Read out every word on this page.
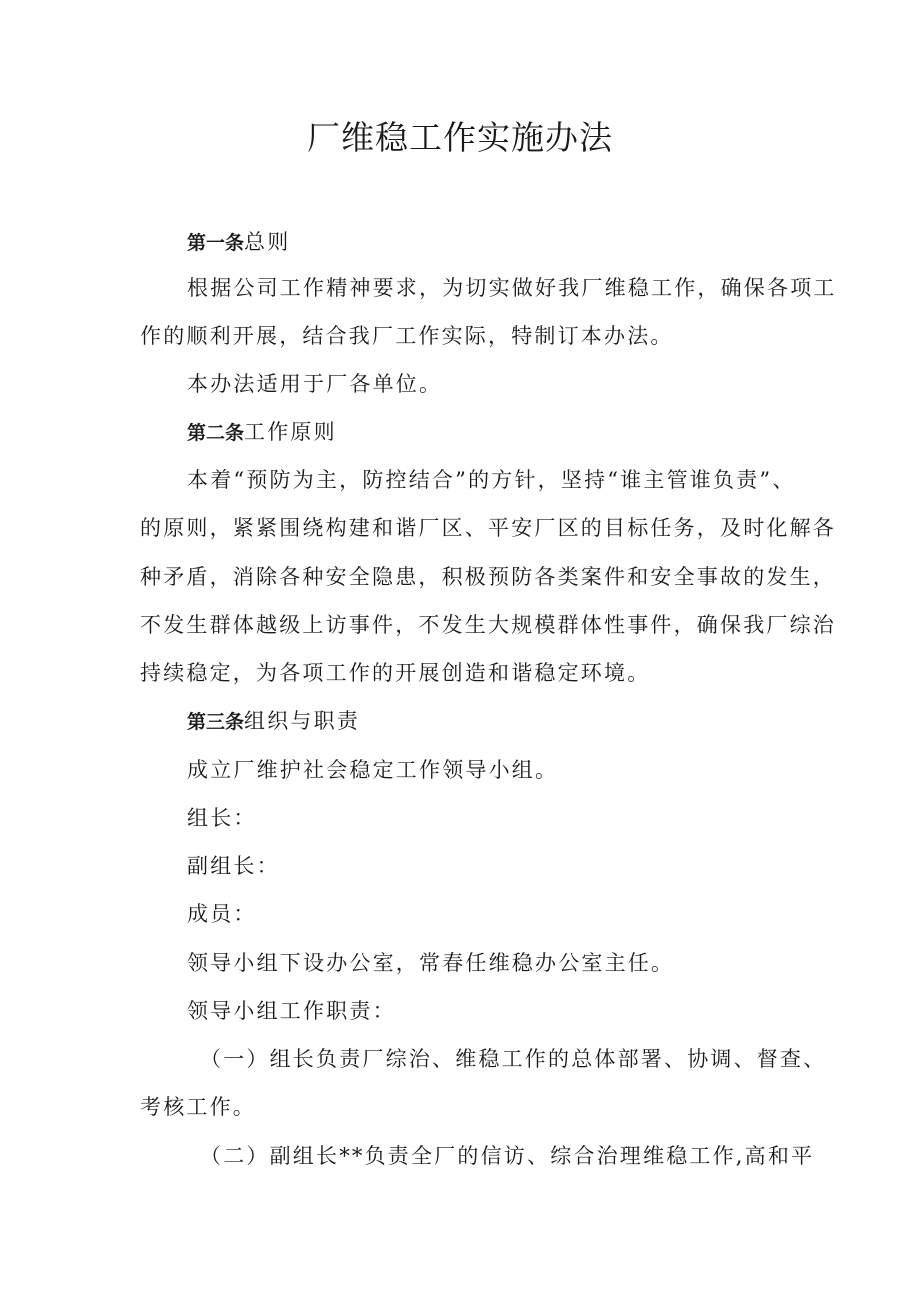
厂维稳工作实施办法
第一条总则
根据公司工作精神要求，为切实做好我厂维稳工作，确保各项工
作的顺利开展，结合我厂工作实际，特制订本办法。
本办法适用于厂各单位。
第二条工作原则
本着“预防为主，防控结合”的方针，坚持“谁主管谁负责”、
的原则，紧紧围绕构建和谐厂区、平安厂区的目标任务，及时化解各
种矛盾，消除各种安全隐患，积极预防各类案件和安全事故的发生，
不发生群体越级上访事件，不发生大规模群体性事件，确保我厂综治
持续稳定，为各项工作的开展创造和谐稳定环境。
第三条组织与职责
成立厂维护社会稳定工作领导小组。
组长：
副组长：
成员：
领导小组下设办公室，常春任维稳办公室主任。
领导小组工作职责：
（一）组长负责厂综治、维稳工作的总体部署、协调、督查、
考核工作。
（二）副组长**负责全厂的信访、综合治理维稳工作,高和平
